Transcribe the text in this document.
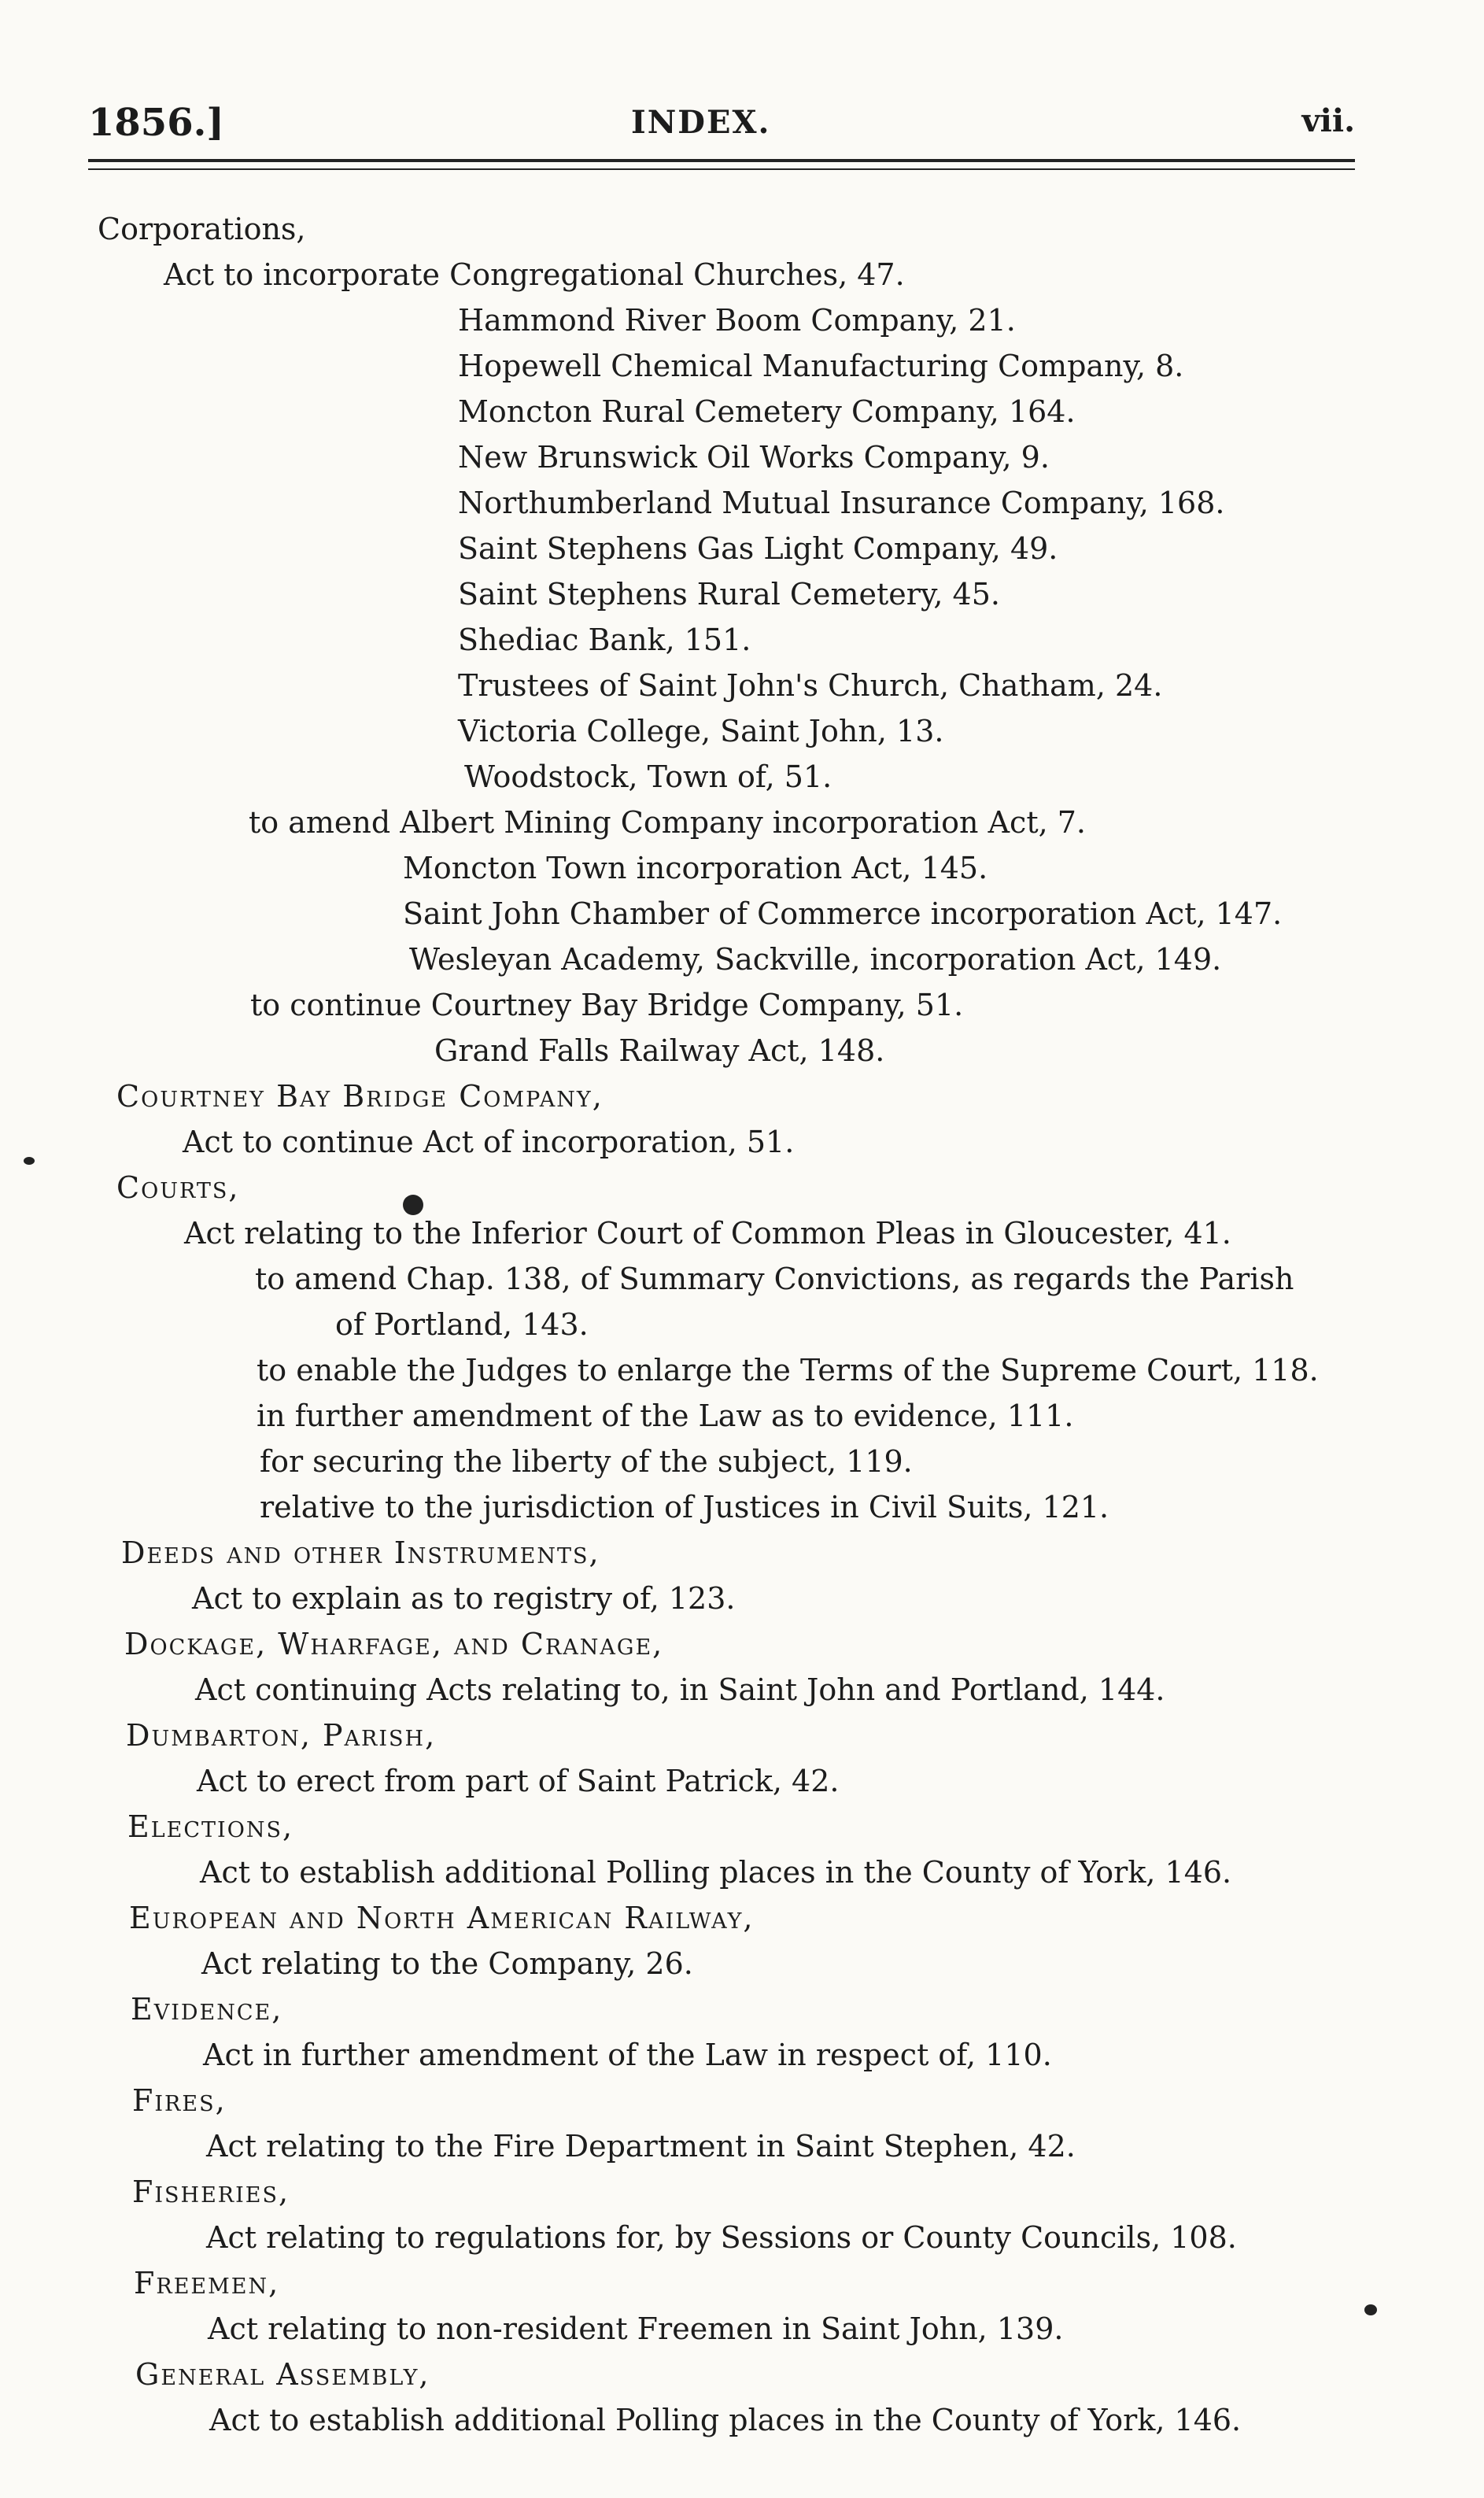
1856.]	INDEX.	vii.
Corporations,
Act to incorporate Congregational Churches, 47.
Hammond River Boom Company, 21.
Hopewell Chemical Manufacturing Company, 8.
Moncton Rural Cemetery Company, 164.
New Brunswick Oil Works Company, 9.
Northumberland Mutual Insurance Company, 168.
Saint Stephens Gas Light Company, 49.
Saint Stephens Rural Cemetery, 45.
Shediac Bank, 151.
Trustees of Saint John's Church, Chatham, 24.
Victoria College, Saint John, 13.
Woodstock, Town of, 51.
to amend Albert Mining Company incorporation Act, 7.
Moncton Town incorporation Act, 145.
Saint John Chamber of Commerce incorporation Act, 147.
Wesleyan Academy, Sackville, incorporation Act, 149.
to continue Courtney Bay Bridge Company, 51.
Grand Falls Railway Act, 148.
Courtney Bay Bridge Company,
Act to continue Act of incorporation, 51.
Courts,
Act relating to the Inferior Court of Common Pleas in Gloucester, 41.
to amend Chap. 138, of Summary Convictions, as regards the Parish
of Portland, 143.
to enable the Judges to enlarge the Terms of the Supreme Court, 118.
in further amendment of the Law as to evidence, 111.
for securing the liberty of the subject, 119.
relative to the jurisdiction of Justices in Civil Suits, 121.
Deeds and other Instruments,
Act to explain as to registry of, 123.
Dockage, Wharfage, and Cranage,
Act continuing Acts relating to, in Saint John and Portland, 144.
Dumbarton, Parish,
Act to erect from part of Saint Patrick, 42.
Elections,
Act to establish additional Polling places in the County of York, 146.
European and North American Railway,
Act relating to the Company, 26.
Evidence,
Act in further amendment of the Law in respect of, 110.
Fires,
Act relating to the Fire Department in Saint Stephen, 42.
Fisheries,
Act relating to regulations for, by Sessions or County Councils, 108.
Freemen,
Act relating to non-resident Freemen in Saint John, 139.
General Assembly,
Act to establish additional Polling places in the County of York, 146.
